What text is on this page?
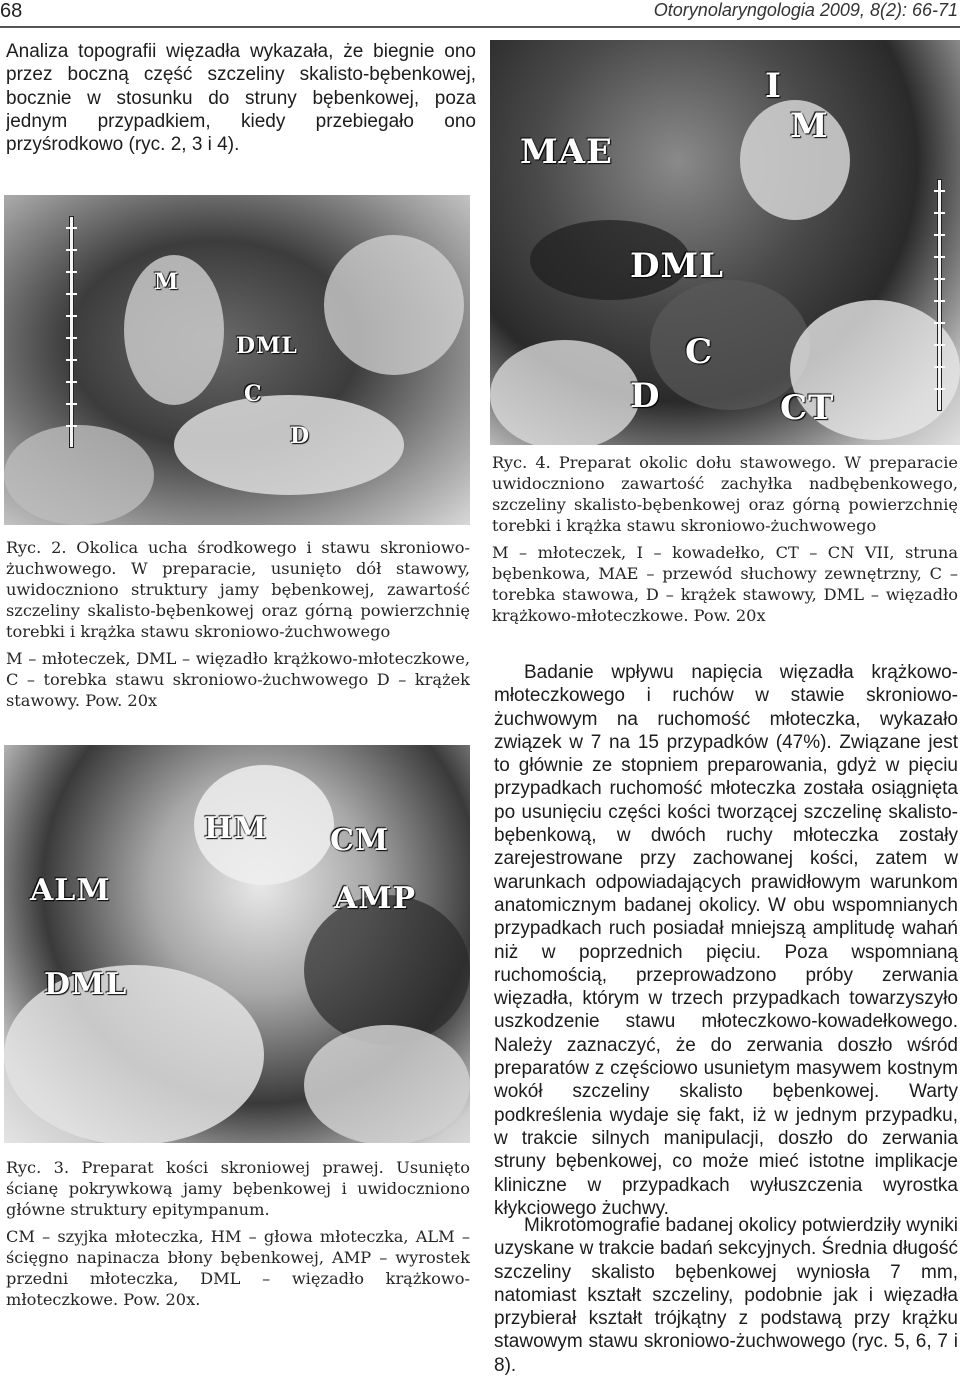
68	Otorynolaryngologia 2009, 8(2): 66-71
Analiza topografii więzadła wykazała, że biegnie ono przez boczną część szczeliny skalisto-bębenkowej, bocznie w stosunku do struny bębenkowej, poza jednym przypadkiem, kiedy przebiegało ono przyśrodkowo (ryc. 2, 3 i 4).
I
M
MAE
DML
C
D	CT
M
DML
C
D

Ryc. 2. Okolica ucha środkowego i stawu skroniowo-żuchwowego. W preparacie, usunięto dół stawowy, uwidoczniono struktury jamy bębenkowej, zawartość szczeliny skalisto-bębenkowej oraz górną powierzchnię torebki i krążka stawu skroniowo-żuchwowego

M – młoteczek, DML – więzadło krążkowo-młoteczkowe, C – torebka stawu skroniowo-żuchwowego D – krążek stawowy. Pow. 20x

HM CM
ALM	AMP
DML

Ryc. 3. Preparat kości skroniowej prawej. Usunięto ścianę pokrywkową jamy bębenkowej i uwidoczniono główne struktury epitympanum.

CM – szyjka młoteczka, HM – głowa młoteczka, ALM – ścięgno napinacza błony bębenkowej, AMP – wyrostek przedni młoteczka, DML – więzadło krążkowo-młoteczkowe. Pow. 20x.

Ryc. 4. Preparat okolic dołu stawowego. W preparacie uwidoczniono zawartość zachyłka nadbębenkowego, szczeliny skalisto-bębenkowej oraz górną powierzchnię torebki i krążka stawu skroniowo-żuchwowego

M – młoteczek, I – kowadełko, CT – CN VII, struna bębenkowa, MAE – przewód słuchowy zewnętrzny, C – torebka stawowa, D – krążek stawowy, DML – więzadło krążkowo-młoteczkowe. Pow. 20x

Badanie wpływu napięcia więzadła krążkowo-młoteczkowego i ruchów w stawie skroniowo-żuchwowym na ruchomość młoteczka, wykazało związek w 7 na 15 przypadków (47%). Związane jest to głównie ze stopniem preparowania, gdyż w pięciu przypadkach ruchomość młoteczka została osiągnięta po usunięciu części kości tworzącej szczelinę skalisto-bębenkową, w dwóch ruchy młoteczka zostały zarejestrowane przy zachowanej kości, zatem w warunkach odpowiadających prawidłowym warunkom anatomicznym badanej okolicy. W obu wspomnianych przypadkach ruch posiadał mniejszą amplitudę wahań niż w poprzednich pięciu. Poza wspomnianą ruchomością, przeprowadzono próby zerwania więzadła, którym w trzech przypadkach towarzyszyło uszkodzenie stawu młoteczkowo-kowadełkowego. Należy zaznaczyć, że do zerwania doszło wśród preparatów z częściowo usunietym masywem kostnym wokół szczeliny skalisto bębenkowej. Warty podkreślenia wydaje się fakt, iż w jednym przypadku, w trakcie silnych manipulacji, doszło do zerwania struny bębenkowej, co może mieć istotne implikacje kliniczne w przypadkach wyłuszczenia wyrostka kłykciowego żuchwy.
Mikrotomografie badanej okolicy potwierdziły wyniki uzyskane w trakcie badań sekcyjnych. Średnia długość szczeliny skalisto bębenkowej wyniosła 7 mm, natomiast kształt szczeliny, podobnie jak i więzadła przybierał kształt trójkątny z podstawą przy krążku stawowym stawu skroniowo-żuchwowego (ryc. 5, 6, 7 i 8).
